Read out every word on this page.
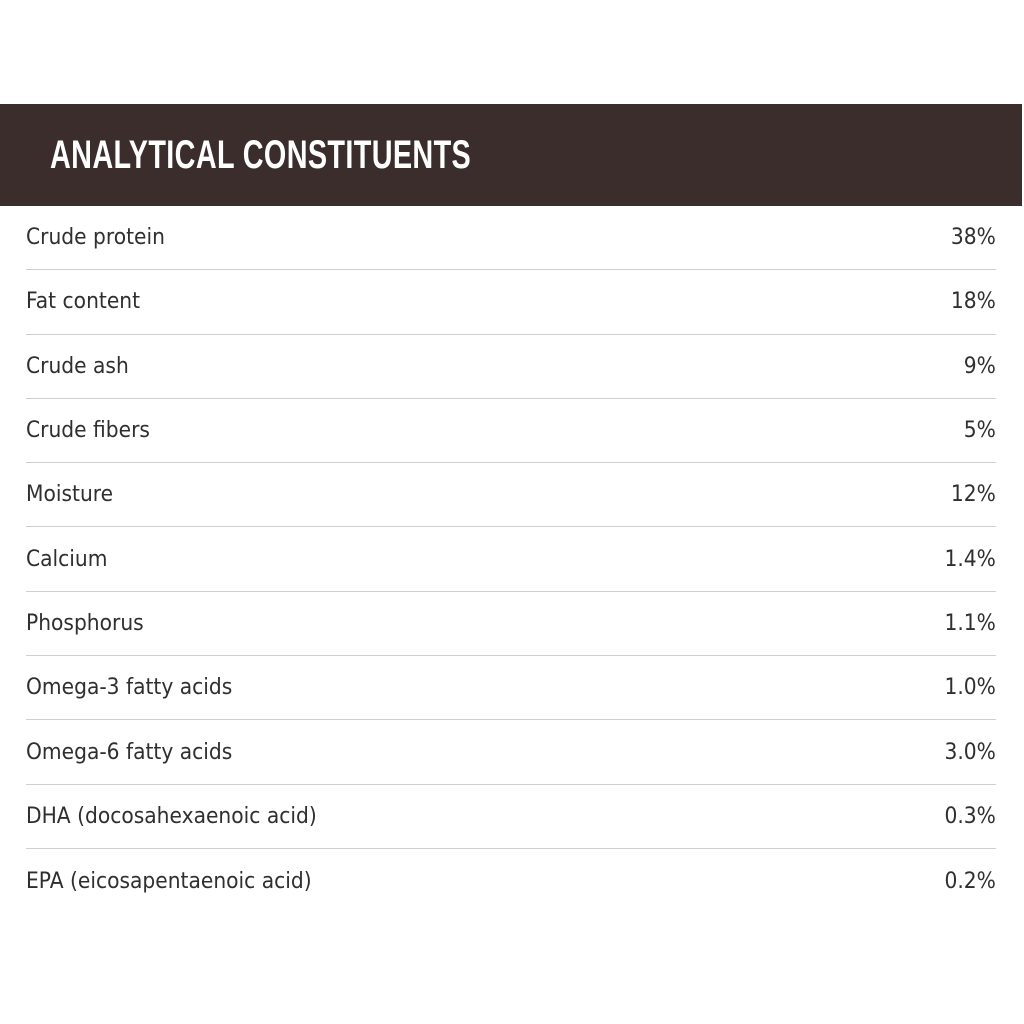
ANALYTICAL CONSTITUENTS
Crude protein	38%
Fat content	18%
Crude ash	9%
Crude fibers	5%
Moisture	12%
Calcium	1.4%
Phosphorus	1.1%
Omega-3 fatty acids	1.0%
Omega-6 fatty acids	3.0%
DHA (docosahexaenoic acid)	0.3%
EPA (eicosapentaenoic acid)	0.2%
